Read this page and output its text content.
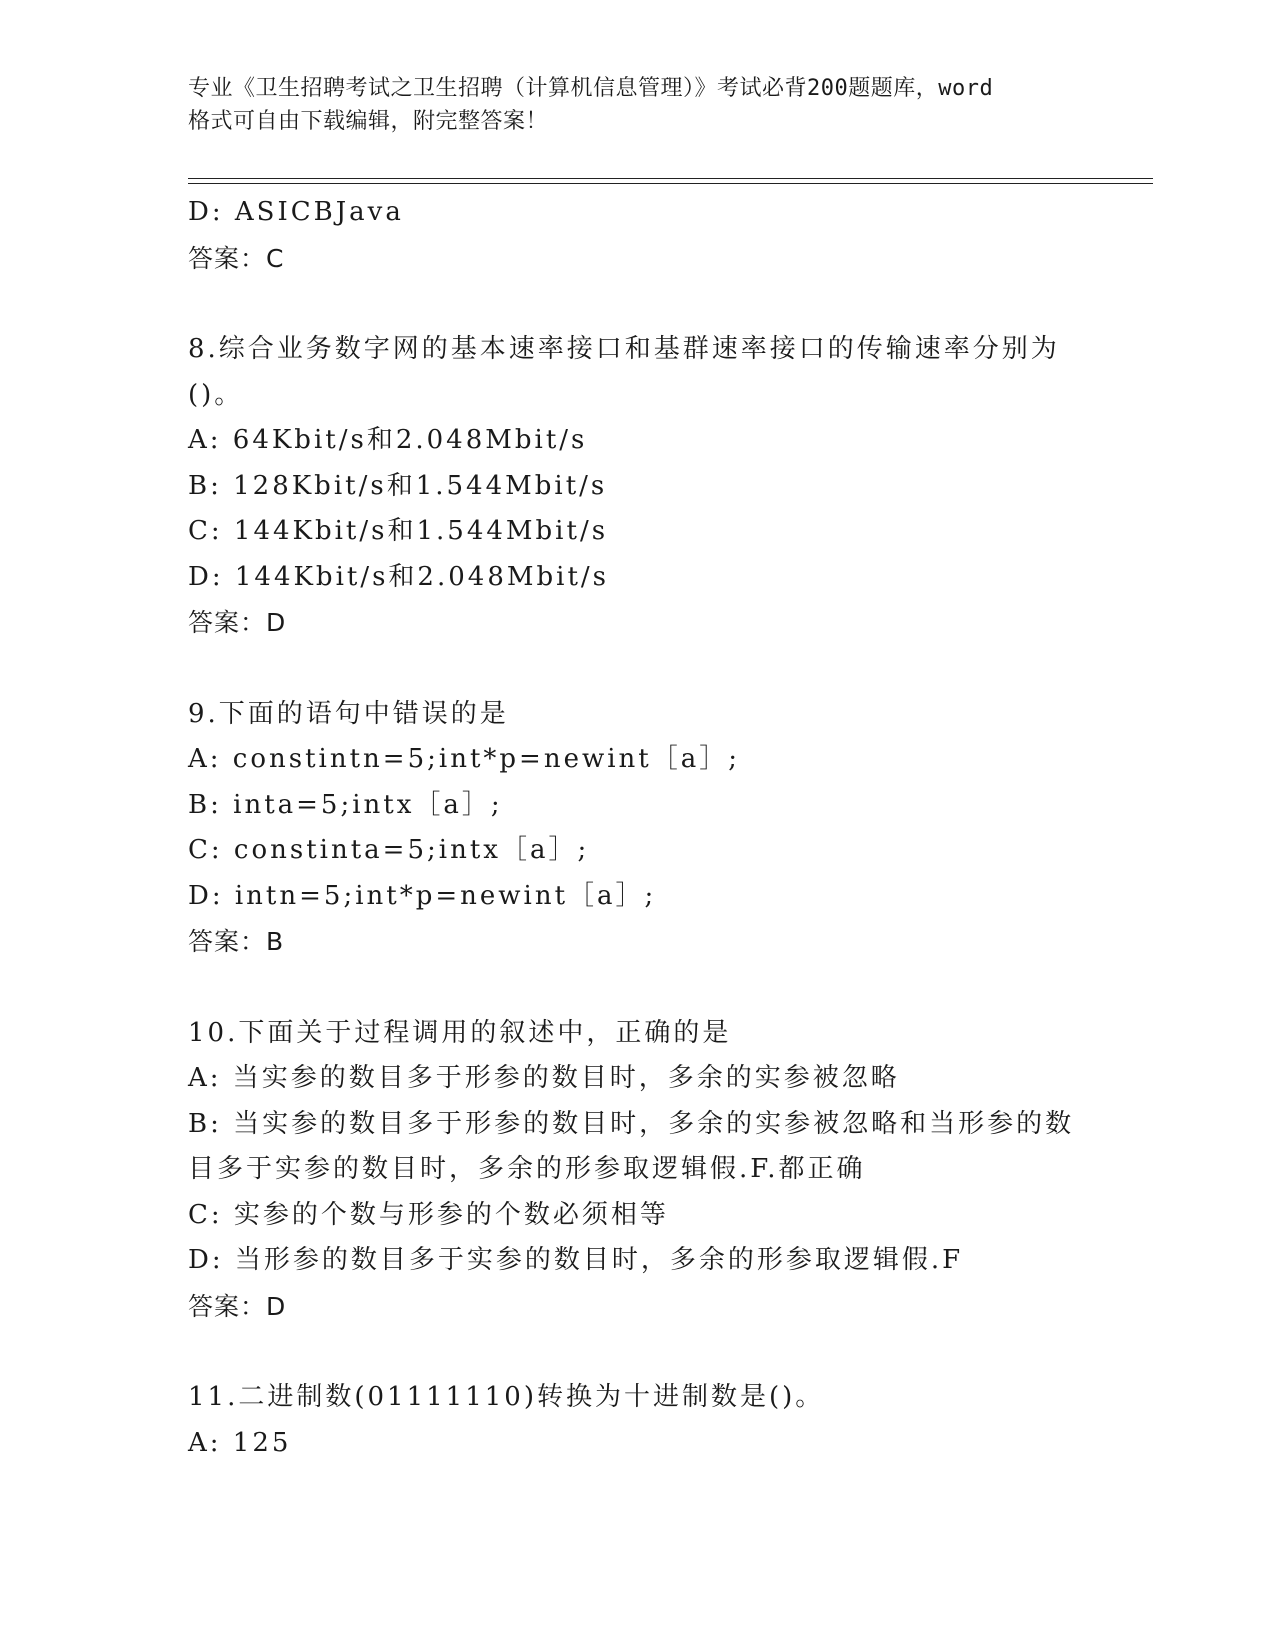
专业《卫生招聘考试之卫生招聘（计算机信息管理）》考试必背200题题库，word
格式可自由下载编辑，附完整答案！
D: ASICBJava
答案：C
8.综合业务数字网的基本速率接口和基群速率接口的传输速率分别为
()。
A: 64Kbit/s和2.048Mbit/s
B: 128Kbit/s和1.544Mbit/s
C: 144Kbit/s和1.544Mbit/s
D: 144Kbit/s和2.048Mbit/s
答案：D
9.下面的语句中错误的是
A: constintn=5;int*p=newint［a］;
B: inta=5;intx［a］;
C: constinta=5;intx［a］;
D: intn=5;int*p=newint［a］;
答案：B
10.下面关于过程调用的叙述中，正确的是
A: 当实参的数目多于形参的数目时，多余的实参被忽略
B: 当实参的数目多于形参的数目时，多余的实参被忽略和当形参的数
目多于实参的数目时，多余的形参取逻辑假.F.都正确
C: 实参的个数与形参的个数必须相等
D: 当形参的数目多于实参的数目时，多余的形参取逻辑假.F
答案：D
11.二进制数(01111110)转换为十进制数是()。
A: 125
